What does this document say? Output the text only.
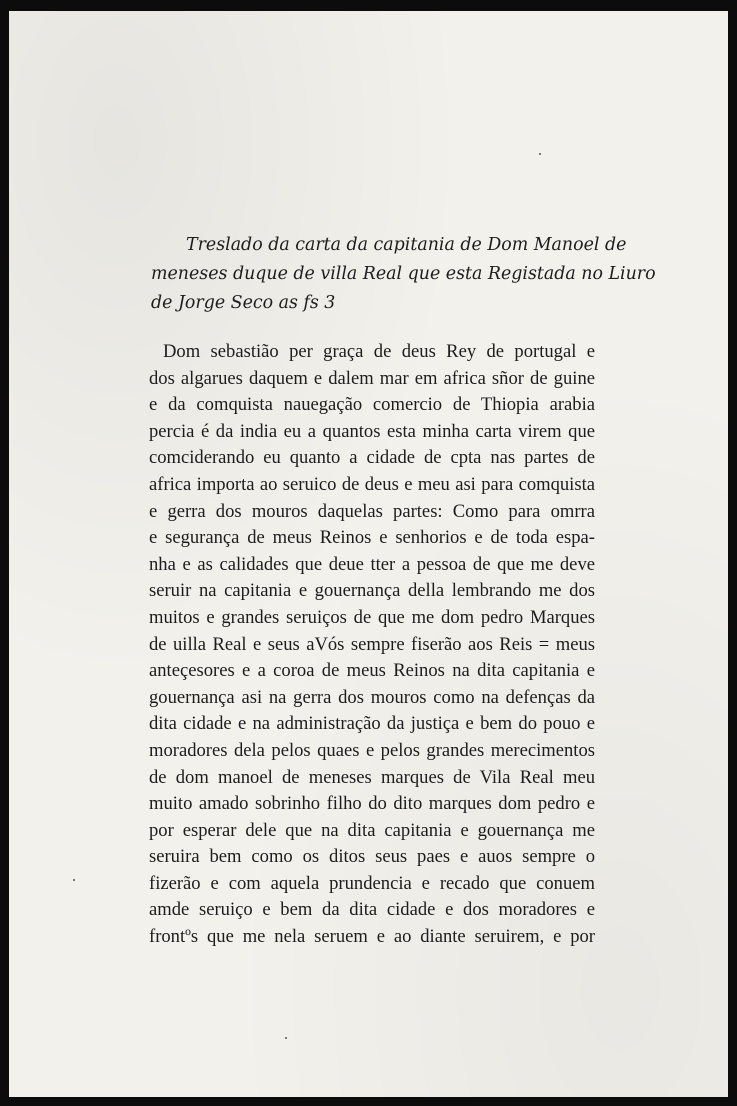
Treslado da carta da capitania de Dom Manoel de
meneses duque de villa Real que esta Registada no Liuro
de Jorge Seco as fs 3
Dom sebastião per graça de deus Rey de portugal e
dos algarues daquem e dalem mar em africa sñor de guine
e da comquista nauegação comercio de Thiopia arabia
percia é da india eu a quantos esta minha carta virem que
comciderando eu quanto a cidade de cpta nas partes de
africa importa ao seruico de deus e meu asi para comquista
e gerra dos mouros daquelas partes: Como para omrra
e segurança de meus Reinos e senhorios e de toda espa-
nha e as calidades que deue tter a pessoa de que me deve
seruir na capitania e gouernança della lembrando me dos
muitos e grandes seruiços de que me dom pedro Marques
de uilla Real e seus aVós sempre fiserão aos Reis = meus
anteçesores e a coroa de meus Reinos na dita capitania e
gouernança asi na gerra dos mouros como na defenças da
dita cidade e na administração da justiça e bem do pouo e
moradores dela pelos quaes e pelos grandes merecimentos
de dom manoel de meneses marques de Vila Real meu
muito amado sobrinho filho do dito marques dom pedro e
por esperar dele que na dita capitania e gouernança me
seruira bem como os ditos seus paes e auos sempre o
fizerão e com aquela prundencia e recado que conuem
amde seruiço e bem da dita cidade e dos moradores e
frontºs que me nela seruem e ao diante seruirem, e por
